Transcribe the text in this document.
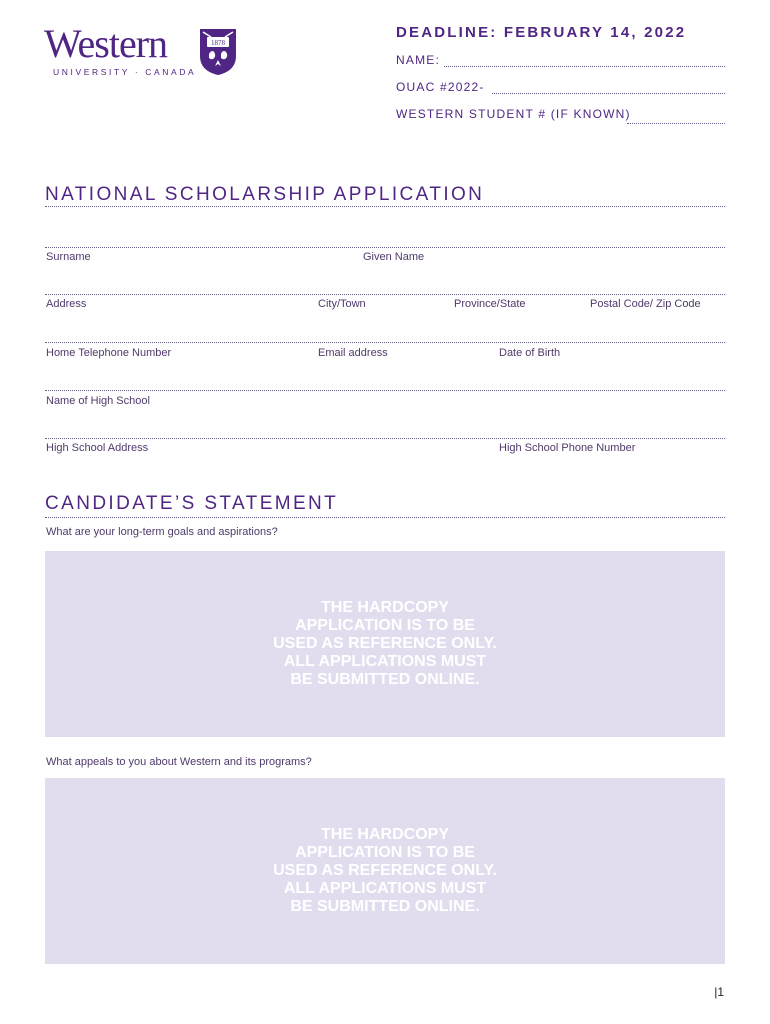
Western
UNIVERSITY · CANADA
1878
DEADLINE: FEBRUARY 14, 2022
NAME:
OUAC #2022-
WESTERN STUDENT # (IF KNOWN)
NATIONAL SCHOLARSHIP APPLICATION
Surname	Given Name
Address	City/Town	Province/State	Postal Code/ Zip Code
Home Telephone Number	Email address	Date of Birth
Name of High School
High School Address	High School Phone Number
CANDIDATE’S STATEMENT
What are your long-term goals and aspirations?
THE HARDCOPY
APPLICATION IS TO BE
USED AS REFERENCE ONLY.
ALL APPLICATIONS MUST
BE SUBMITTED ONLINE.
What appeals to you about Western and its programs?
THE HARDCOPY
APPLICATION IS TO BE
USED AS REFERENCE ONLY.
ALL APPLICATIONS MUST
BE SUBMITTED ONLINE.
|1
